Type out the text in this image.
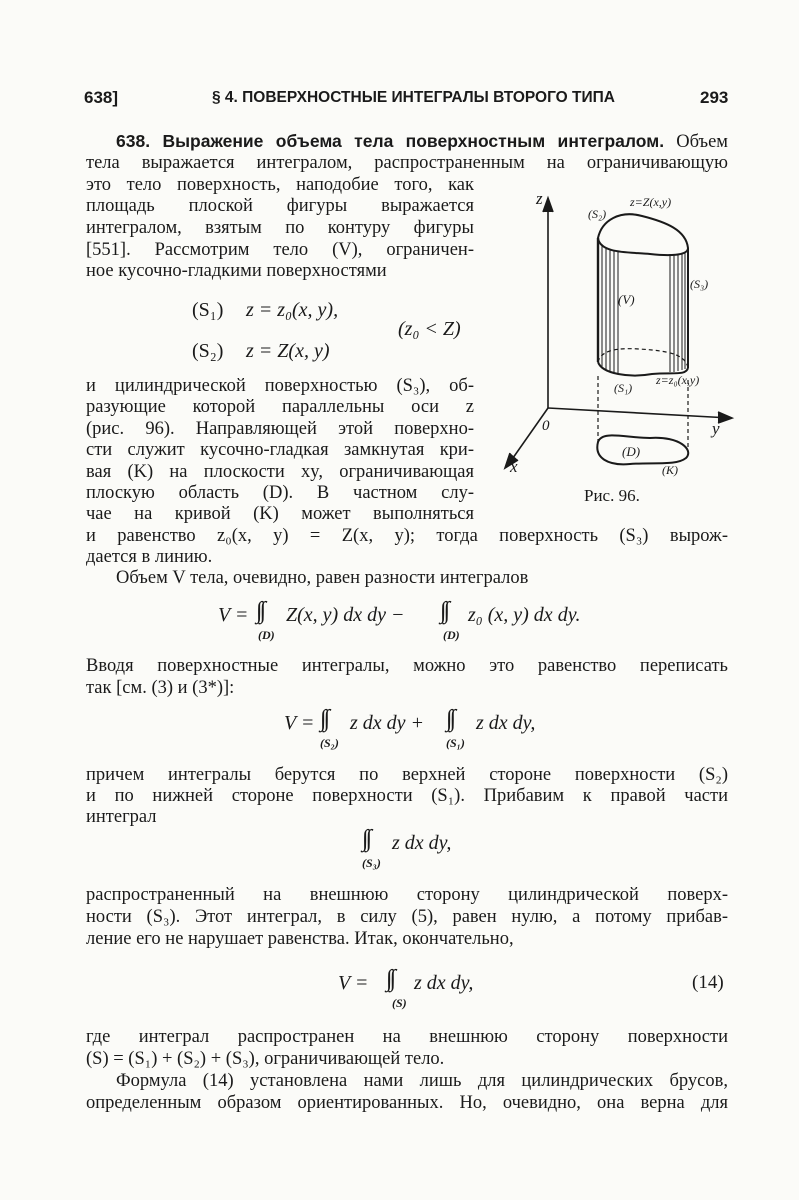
638]	§ 4. ПОВЕРХНОСТНЫЕ ИНТЕГРАЛЫ ВТОРОГО ТИПА	293
638. Выражение объема тела поверхностным интегралом. Объем
тела выражается интегралом, распространенным на ограничивающую
это тело поверхность, наподобие того, как
площадь плоской фигуры выражается
интегралом, взятым по контуру фигуры
[551]. Рассмотрим тело (V), ограничен-
ное кусочно-гладкими поверхностями
(S₁) z = z₀(x, y),
(S₂) z = Z(x, y)
(z₀ < Z)
и цилиндрической поверхностью (S₃), об-
разующие которой параллельны оси z
(рис. 96). Направляющей этой поверхно-
сти служит кусочно-гладкая замкнутая кри-
вая (K) на плоскости xy, ограничивающая
плоскую область (D). В частном слу-
чае на кривой (K) может выполняться
и равенство z₀(x, y) = Z(x, y); тогда поверхность (S₃) вырож-
дается в линию.
z
y
x
0
(S₂)
z=Z(x,y)
(V)
(S₃)
(S₁)
z=z₀(x,y)
(D)
(K)
Рис. 96.
Объем V тела, очевидно, равен разности интегралов
V = ∫∫ Z(x, y) dx dy −
(D)
∫∫ z₀ (x, y) dx dy.
(D)
Вводя поверхностные интегралы, можно это равенство переписать
так [см. (3) и (3*)]:
V = ∫∫ z dx dy +
(S₂)
∫∫ z dx dy,
(S₁)
причем интегралы берутся по верхней стороне поверхности (S₂)
и по нижней стороне поверхности (S₁). Прибавим к правой части
интеграл
∫∫ z dx dy,
(S₃)
распространенный на внешнюю сторону цилиндрической поверх-
ности (S₃). Этот интеграл, в силу (5), равен нулю, а потому прибав-
ление его не нарушает равенства. Итак, окончательно,
V = ∫∫ z dx dy,
(S)
(14)
где интеграл распространен на внешнюю сторону поверхности
(S) = (S₁) + (S₂) + (S₃), ограничивающей тело.
Формула (14) установлена нами лишь для цилиндрических брусов,
определенным образом ориентированных. Но, очевидно, она верна для
